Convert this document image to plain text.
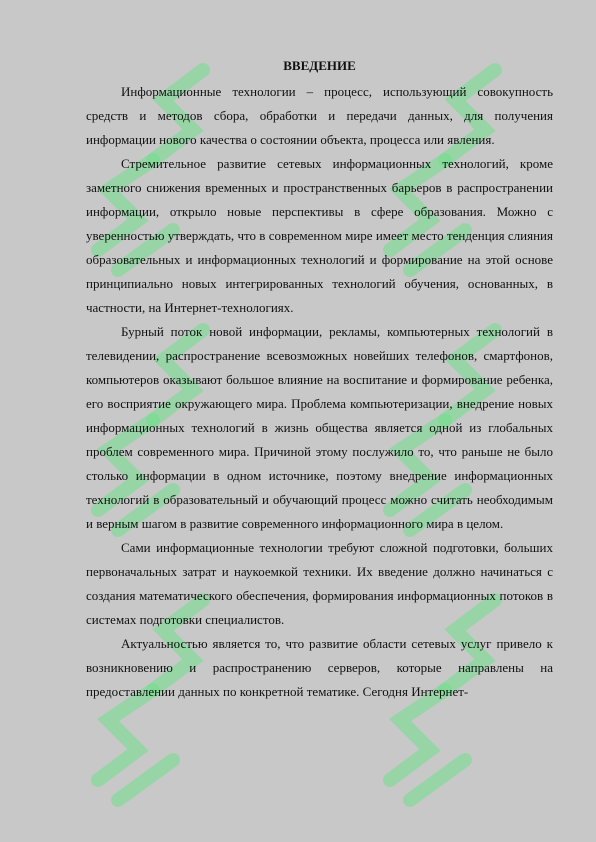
ВВЕДЕНИЕ

Информационные технологии – процесс, использующий совокупность средств и методов сбора, обработки и передачи данных, для получения информации нового качества о состоянии объекта, процесса или явления.

Стремительное развитие сетевых информационных технологий, кроме заметного снижения временных и пространственных барьеров в распространении информации, открыло новые перспективы в сфере образования. Можно с уверенностью утверждать, что в современном мире имеет место тенденция слияния образовательных и информационных технологий и формирование на этой основе принципиально новых интегрированных технологий обучения, основанных, в частности, на Интернет-технологиях.

Бурный поток новой информации, рекламы, компьютерных технологий в телевидении, распространение всевозможных новейших телефонов, смартфонов, компьютеров оказывают большое влияние на воспитание и формирование ребенка, его восприятие окружающего мира. Проблема компьютеризации, внедрение новых информационных технологий в жизнь общества является одной из глобальных проблем современного мира. Причиной этому послужило то, что раньше не было столько информации в одном источнике, поэтому внедрение информационных технологий в образовательный и обучающий процесс можно считать необходимым и верным шагом в развитие современного информационного мира в целом.

Сами информационные технологии требуют сложной подготовки, больших первоначальных затрат и наукоемкой техники. Их введение должно начинаться с создания математического обеспечения, формирования информационных потоков в системах подготовки специалистов.

Актуальностью является то, что развитие области сетевых услуг привело к возникновению и распространению серверов, которые направлены на предоставлении данных по конкретной тематике. Сегодня Интернет-
